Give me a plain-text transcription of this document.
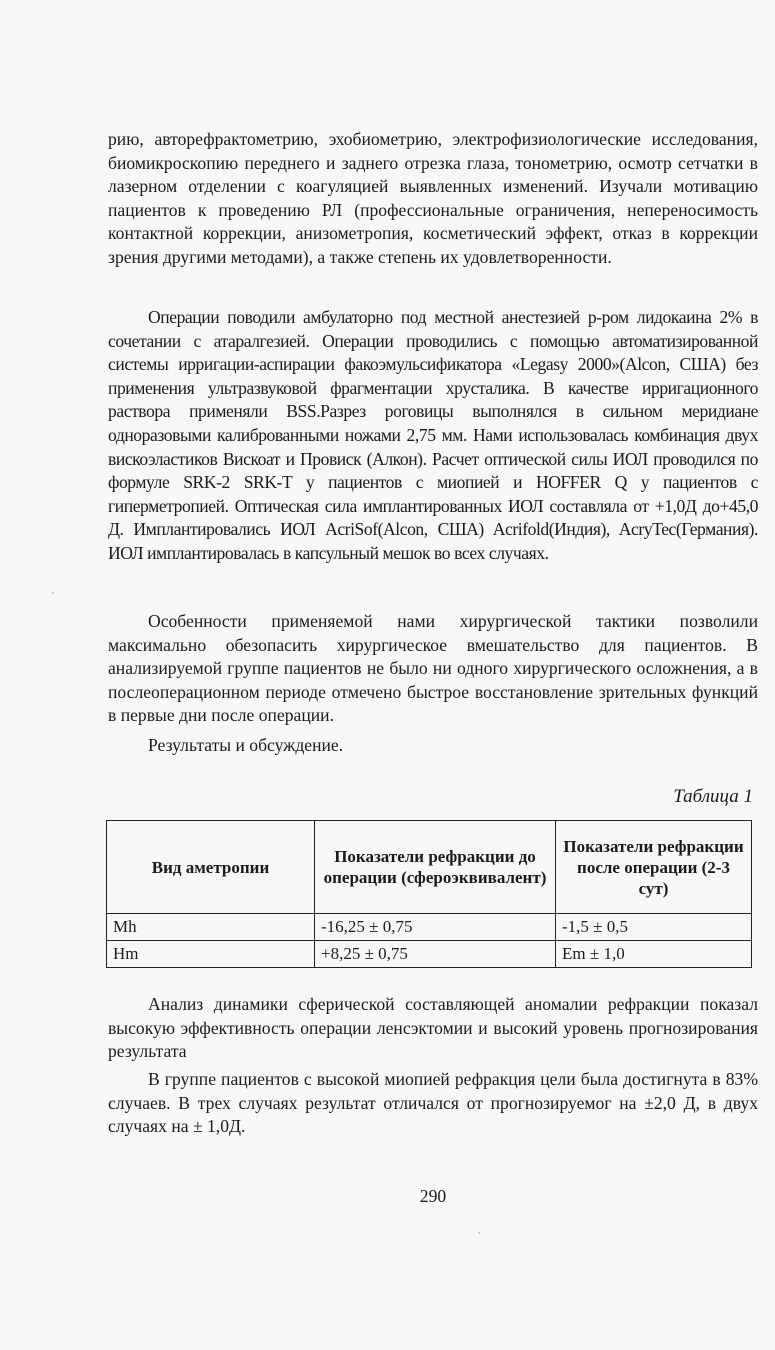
рию, авторефрактометрию, эхобиометрию, электрофизиологические исследования, биомикроскопию переднего и заднего отрезка глаза, тонометрию, осмотр сетчатки в лазерном отделении с коагуляцией выявленных изменений. Изучали мотивацию пациентов к проведению РЛ (профессиональные ограничения, непереносимость контактной коррекции, анизометропия, косметический эффект, отказ в коррекции зрения другими методами), а также степень их удовлетворенности.

Операции поводили амбулаторно под местной анестезией р-ром лидокаина 2% в сочетании с атаралгезией. Операции проводились с помощью автоматизированной системы ирригации-аспирации факоэмульсификатора «Legasy 2000»(Alcon, США) без применения ультразвуковой фрагментации хрусталика. В качестве ирригационного раствора применяли BSS.Разрез роговицы выполнялся в сильном меридиане одноразовыми калиброванными ножами 2,75 мм. Нами использовалась комбинация двух вискоэластиков Вискоат и Провиск (Алкон). Расчет оптической силы ИОЛ проводился по формуле SRK-2 SRK-T у пациентов с миопией и HOFFER Q у пациентов с гиперметропией. Оптическая сила имплантированных ИОЛ составляла от +1,0Д до+45,0 Д. Имплантировались ИОЛ AcriSof(Alcon, США) Acrifold(Индия), AcryTec(Германия). ИОЛ имплантировалась в капсульный мешок во всех случаях.

Особенности применяемой нами хирургической тактики позволили максимально обезопасить хирургическое вмешательство для пациентов. В анализируемой группе пациентов не было ни одного хирургического осложнения, а в послеоперационном периоде отмечено быстрое восстановление зрительных функций в первые дни после операции.

Результаты и обсуждение.

Таблица 1
Вид аметропии	Показатели рефракции до операции (сфероэквивалент)	Показатели рефракции после операции (2-3 сут)
Mh	-16,25 ± 0,75	-1,5 ± 0,5
Hm	+8,25 ± 0,75	Em ± 1,0

Анализ динамики сферической составляющей аномалии рефракции показал высокую эффективность операции ленсэктомии и высокий уровень прогнозирования результата

В группе пациентов с высокой миопией рефракция цели была достигнута в 83% случаев. В трех случаях результат отличался от прогнозируемог на ±2,0 Д, в двух случаях на ± 1,0Д.

290
